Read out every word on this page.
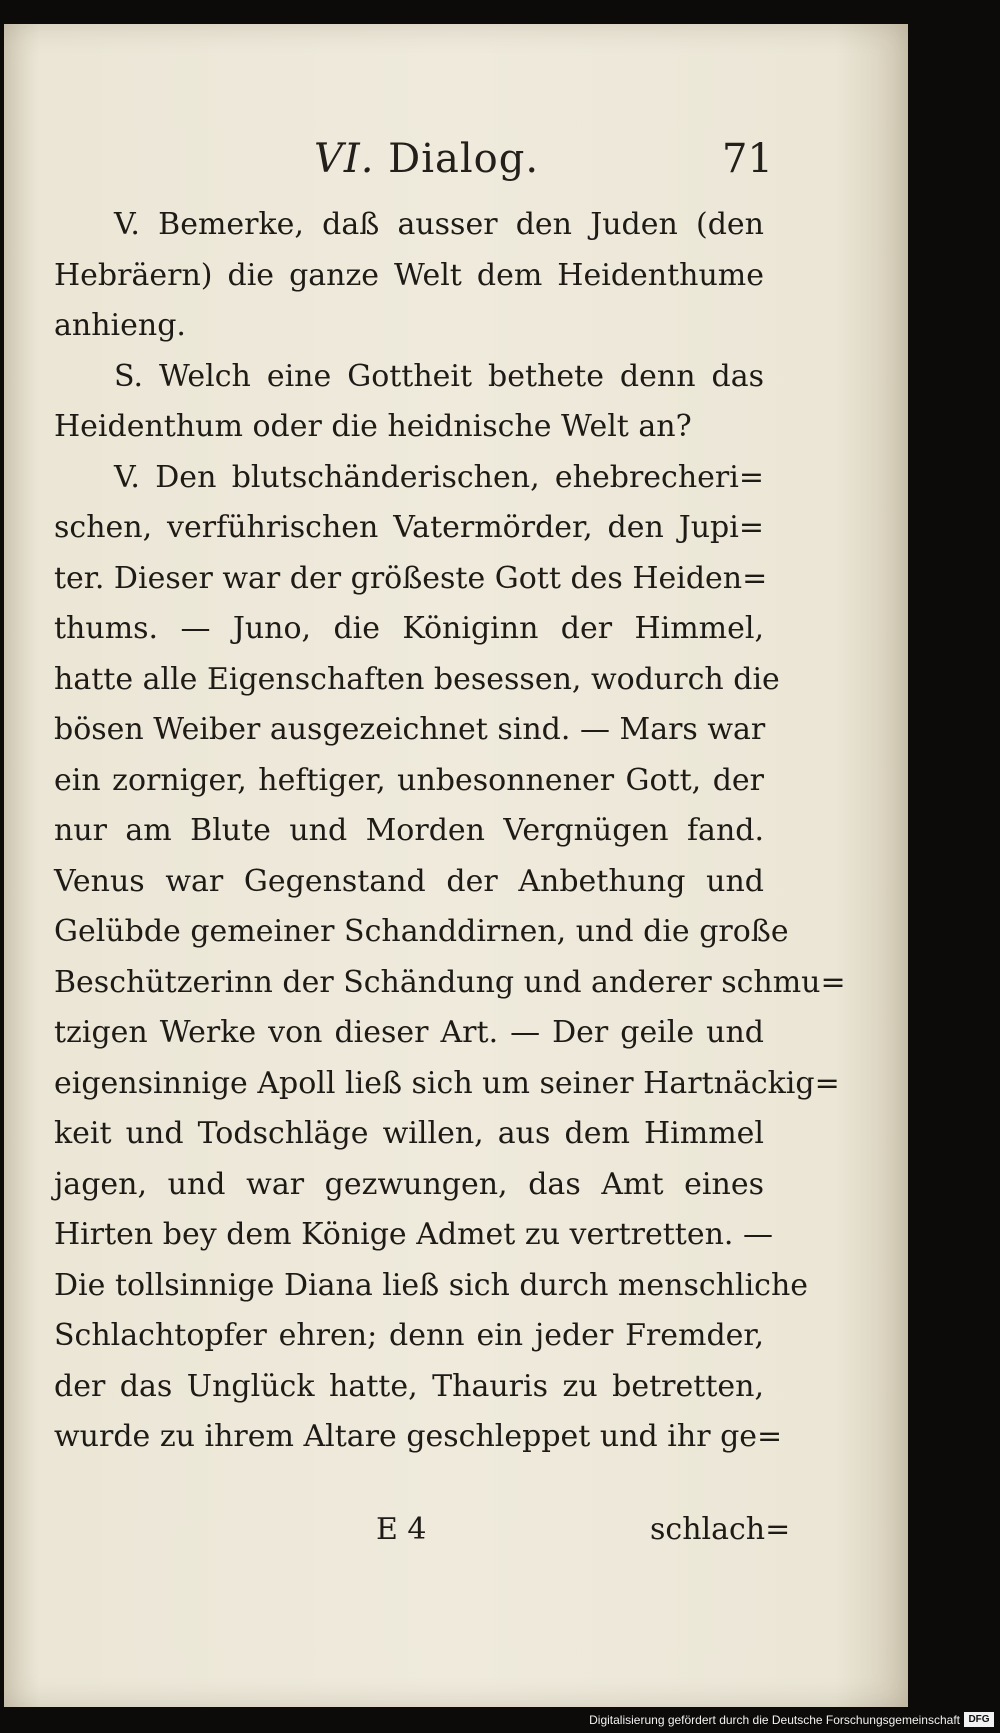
VI. Dialog.	71
V. Bemerke, daß ausser den Juden (den
Hebräern) die ganze Welt dem Heidenthume
anhieng.
S. Welch eine Gottheit bethete denn das
Heidenthum oder die heidnische Welt an?
V. Den blutschänderischen, ehebrecheri=
schen, verführischen Vatermörder, den Jupi=
ter. Dieser war der größeste Gott des Heiden=
thums. — Juno, die Königinn der Himmel,
hatte alle Eigenschaften besessen, wodurch die
bösen Weiber ausgezeichnet sind. — Mars war
ein zorniger, heftiger, unbesonnener Gott, der
nur am Blute und Morden Vergnügen fand.
Venus war Gegenstand der Anbethung und
Gelübde gemeiner Schanddirnen, und die große
Beschützerinn der Schändung und anderer schmu=
tzigen Werke von dieser Art. — Der geile und
eigensinnige Apoll ließ sich um seiner Hartnäckig=
keit und Todschläge willen, aus dem Himmel
jagen, und war gezwungen, das Amt eines
Hirten bey dem Könige Admet zu vertretten. —
Die tollsinnige Diana ließ sich durch menschliche
Schlachtopfer ehren; denn ein jeder Fremder,
der das Unglück hatte, Thauris zu betretten,
wurde zu ihrem Altare geschleppet und ihr ge=
E 4	schlach=
Digitalisierung gefördert durch die Deutsche Forschungsgemeinschaft DFG
